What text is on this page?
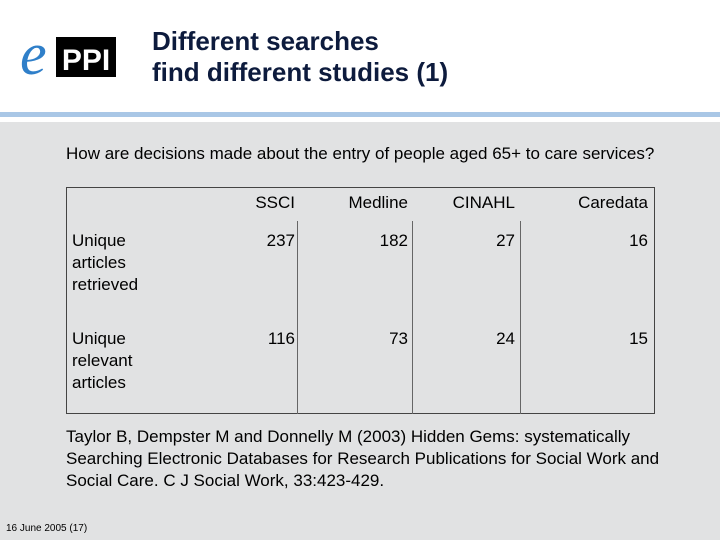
e PPI
Different searches
find different studies (1)
How are decisions made about the entry of people aged 65+ to care services?
SSCI	Medline	CINAHL	Caredata
Unique
articles
retrieved
237	182	27	16
Unique
relevant
articles
116	73	24	15
Taylor B, Dempster M and Donnelly M (2003) Hidden Gems: systematically Searching Electronic Databases for Research Publications for Social Work and Social Care. C J Social Work, 33:423-429.
16 June 2005 (17)
